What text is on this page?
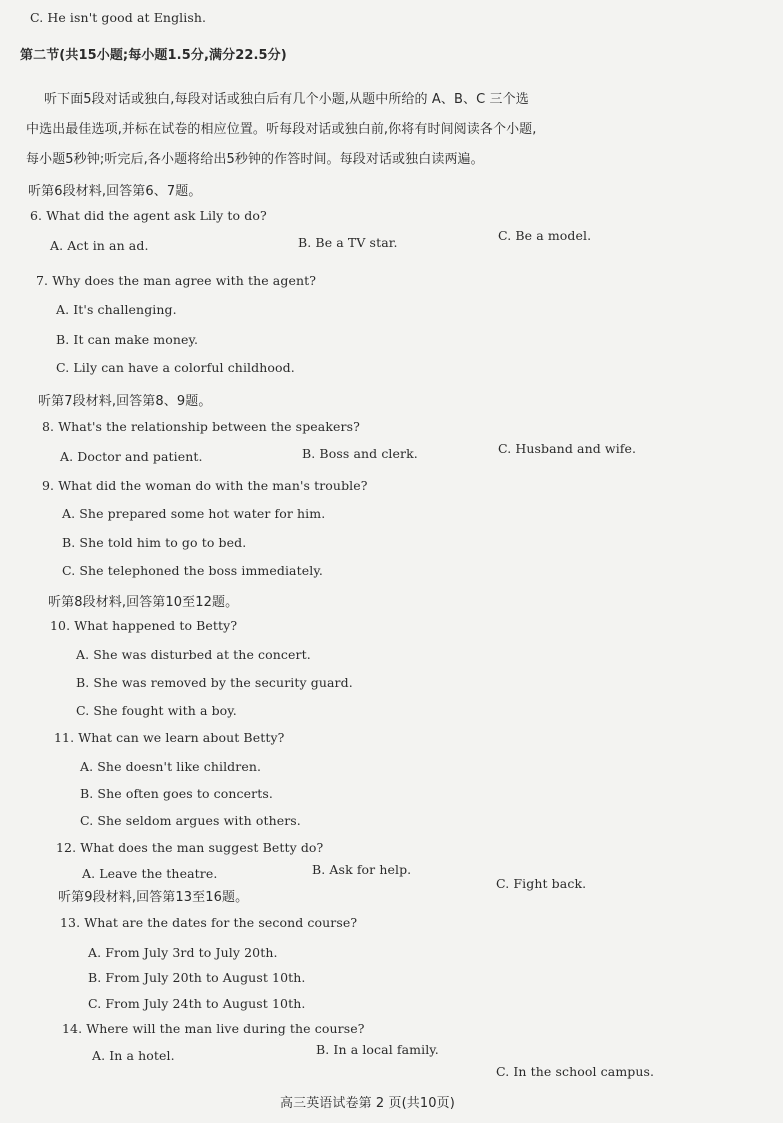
C. He isn't good at English.
第二节(共15小题;每小题1.5分,满分22.5分)
听下面5段对话或独白,每段对话或独白后有几个小题,从题中所给的 A、B、C 三个选
中选出最佳选项,并标在试卷的相应位置。听每段对话或独白前,你将有时间阅读各个小题,
每小题5秒钟;听完后,各小题将给出5秒钟的作答时间。每段对话或独白读两遍。
听第6段材料,回答第6、7题。
6. What did the agent ask Lily to do?
A. Act in an ad.	B. Be a TV star.	C. Be a model.
7. Why does the man agree with the agent?
A. It's challenging.
B. It can make money.
C. Lily can have a colorful childhood.
听第7段材料,回答第8、9题。
8. What's the relationship between the speakers?
A. Doctor and patient.	B. Boss and clerk.	C. Husband and wife.
9. What did the woman do with the man's trouble?
A. She prepared some hot water for him.
B. She told him to go to bed.
C. She telephoned the boss immediately.
听第8段材料,回答第10至12题。
10. What happened to Betty?
A. She was disturbed at the concert.
B. She was removed by the security guard.
C. She fought with a boy.
11. What can we learn about Betty?
A. She doesn't like children.
B. She often goes to concerts.
C. She seldom argues with others.
12. What does the man suggest Betty do?
A. Leave the theatre.	B. Ask for help.
C. Fight back.
听第9段材料,回答第13至16题。
13. What are the dates for the second course?
A. From July 3rd to July 20th.
B. From July 20th to August 10th.
C. From July 24th to August 10th.
14. Where will the man live during the course?
A. In a hotel.	B. In a local family.
C. In the school campus.
高三英语试卷第 2 页(共10页)
